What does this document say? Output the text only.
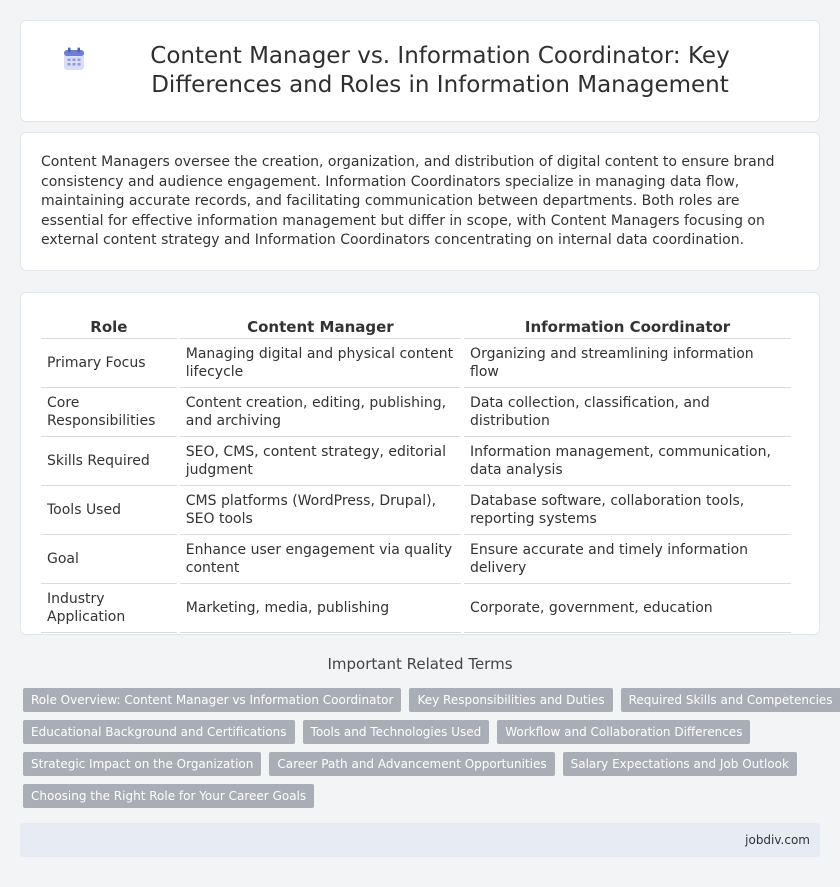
Content Manager vs. Information Coordinator: Key Differences and Roles in Information Management

Content Managers oversee the creation, organization, and distribution of digital content to ensure brand consistency and audience engagement. Information Coordinators specialize in managing data flow, maintaining accurate records, and facilitating communication between departments. Both roles are essential for effective information management but differ in scope, with Content Managers focusing on external content strategy and Information Coordinators concentrating on internal data coordination.

Role	Content Manager	Information Coordinator
Primary Focus	Managing digital and physical content lifecycle	Organizing and streamlining information flow
Core Responsibilities	Content creation, editing, publishing, and archiving	Data collection, classification, and distribution
Skills Required	SEO, CMS, content strategy, editorial judgment	Information management, communication, data analysis
Tools Used	CMS platforms (WordPress, Drupal), SEO tools	Database software, collaboration tools, reporting systems
Goal	Enhance user engagement via quality content	Ensure accurate and timely information delivery
Industry Application	Marketing, media, publishing	Corporate, government, education
Important Related Terms
Role Overview: Content Manager vs Information Coordinator	Key Responsibilities and Duties	Required Skills and Competencies
Educational Background and Certifications	Tools and Technologies Used	Workflow and Collaboration Differences
Strategic Impact on the Organization	Career Path and Advancement Opportunities	Salary Expectations and Job Outlook
Choosing the Right Role for Your Career Goals
jobdiv.com
